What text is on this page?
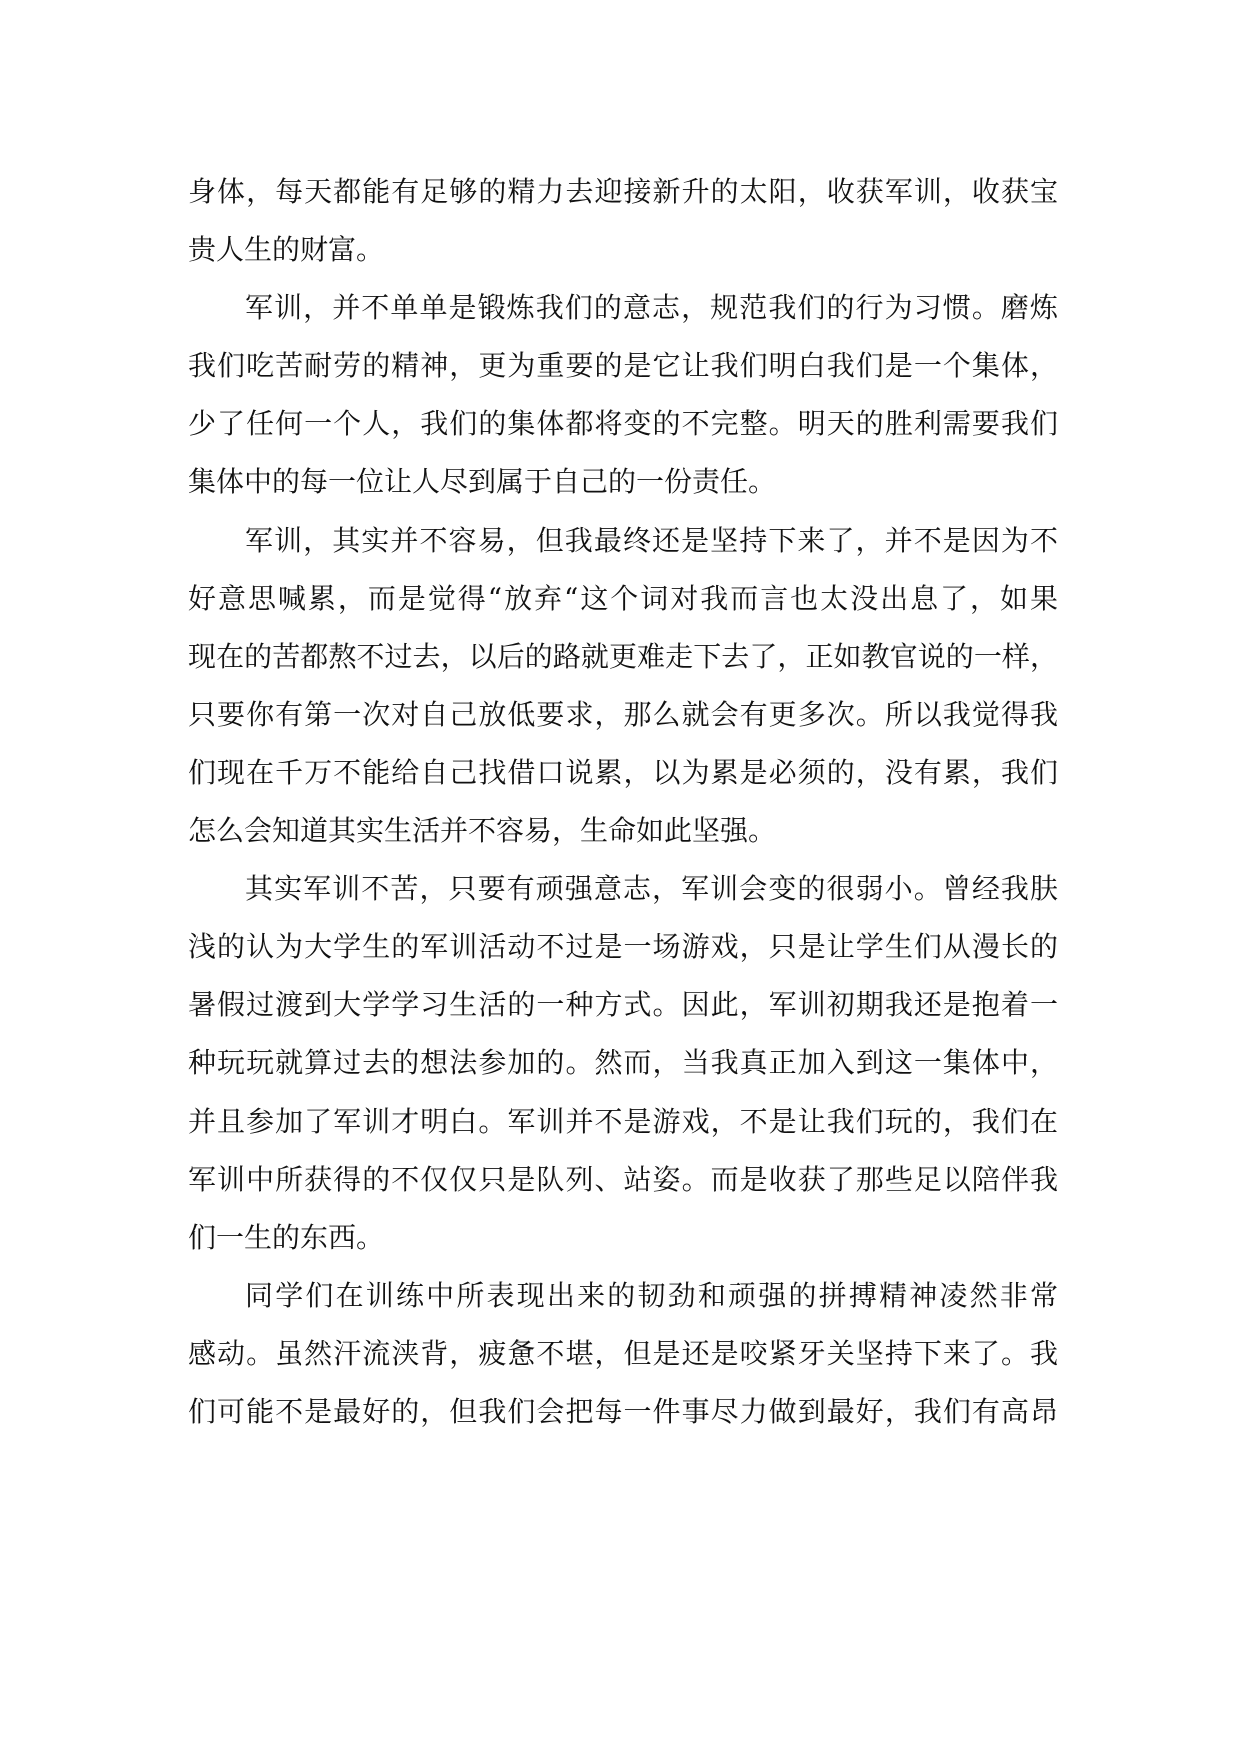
身体，每天都能有足够的精力去迎接新升的太阳，收获军训，收获宝
贵人生的财富。
军训，并不单单是锻炼我们的意志，规范我们的行为习惯。磨炼
我们吃苦耐劳的精神，更为重要的是它让我们明白我们是一个集体，
少了任何一个人，我们的集体都将变的不完整。明天的胜利需要我们
集体中的每一位让人尽到属于自己的一份责任。
军训，其实并不容易，但我最终还是坚持下来了，并不是因为不
好意思喊累，而是觉得“放弃“这个词对我而言也太没出息了，如果
现在的苦都熬不过去，以后的路就更难走下去了，正如教官说的一样，
只要你有第一次对自己放低要求，那么就会有更多次。所以我觉得我
们现在千万不能给自己找借口说累，以为累是必须的，没有累，我们
怎么会知道其实生活并不容易，生命如此坚强。
其实军训不苦，只要有顽强意志，军训会变的很弱小。曾经我肤
浅的认为大学生的军训活动不过是一场游戏，只是让学生们从漫长的
暑假过渡到大学学习生活的一种方式。因此，军训初期我还是抱着一
种玩玩就算过去的想法参加的。然而，当我真正加入到这一集体中，
并且参加了军训才明白。军训并不是游戏，不是让我们玩的，我们在
军训中所获得的不仅仅只是队列、站姿。而是收获了那些足以陪伴我
们一生的东西。
同学们在训练中所表现出来的韧劲和顽强的拼搏精神凌然非常
感动。虽然汗流浃背，疲惫不堪，但是还是咬紧牙关坚持下来了。我
们可能不是最好的，但我们会把每一件事尽力做到最好，我们有高昂
